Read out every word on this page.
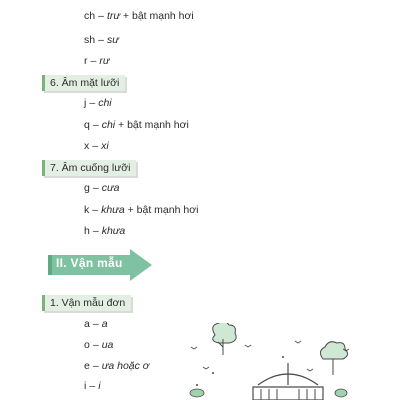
ch – trư + bật mạnh hơi
sh – sư
r – rư
6. Âm mặt lưỡi
j – chi
q – chi + bật mạnh hơi
x – xi
7. Âm cuống lưỡi
g – cưa
k – khưa + bật mạnh hơi
h – khưa
II. Vận mẫu
1. Vận mẫu đơn
a – a
o – ua
e – ưa hoặc ơ
i – i
